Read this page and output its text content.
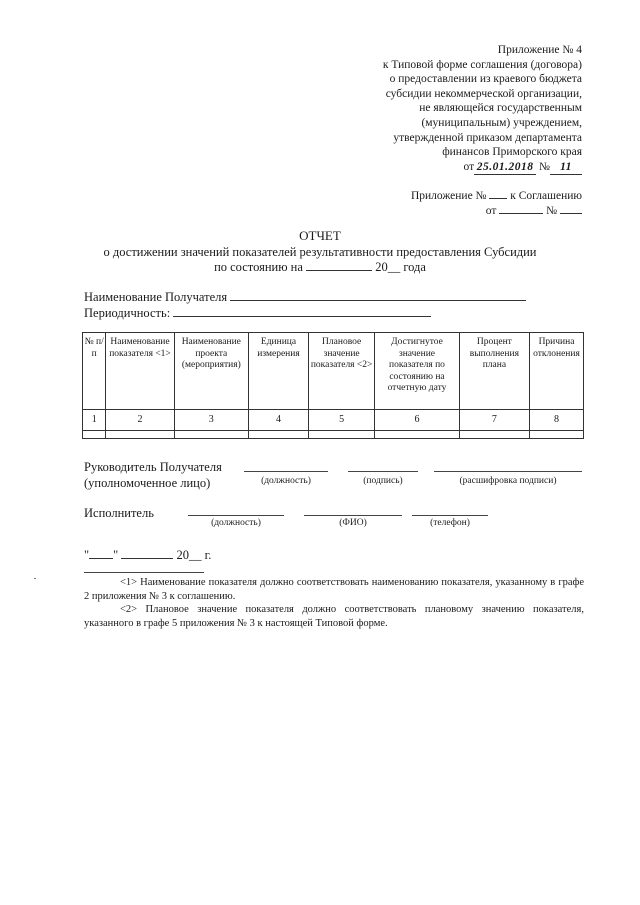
Приложение № 4
к Типовой форме соглашения (договора)
о предоставлении из краевого бюджета
субсидии некоммерческой организации,
не являющейся государственным
(муниципальным) учреждением,
утвержденной приказом департамента
финансов Приморского края
от 25.01.2018 № 11
Приложение № к Соглашению
от	№
ОТЧЕТ
о достижении значений показателей результативности предоставления Субсидии
по состоянию на	20__ года
Наименование Получателя
Периодичность:
№ п/п	Наименование показателя <1>	Наименование проекта (мероприятия)	Единица измерения	Плановое значение показателя <2>	Достигнутое значение показателя по состоянию на отчетную дату	Процент выполнения плана	Причина отклонения
1	2	3	4	5	6	7	8

Руководитель Получателя
(уполномоченное лицо)	(должность)	(подпись)	(расшифровка подписи)
Исполнитель
(должность)	(ФИО)	(телефон)
" "	20__ г.

<1> Наименование показателя должно соответствовать наименованию показателя, указанному в графе 2 приложения № 3 к соглашению.

<2> Плановое значение показателя должно соответствовать плановому значению показателя, указанного в графе 5 приложения № 3 к настоящей Типовой форме.
